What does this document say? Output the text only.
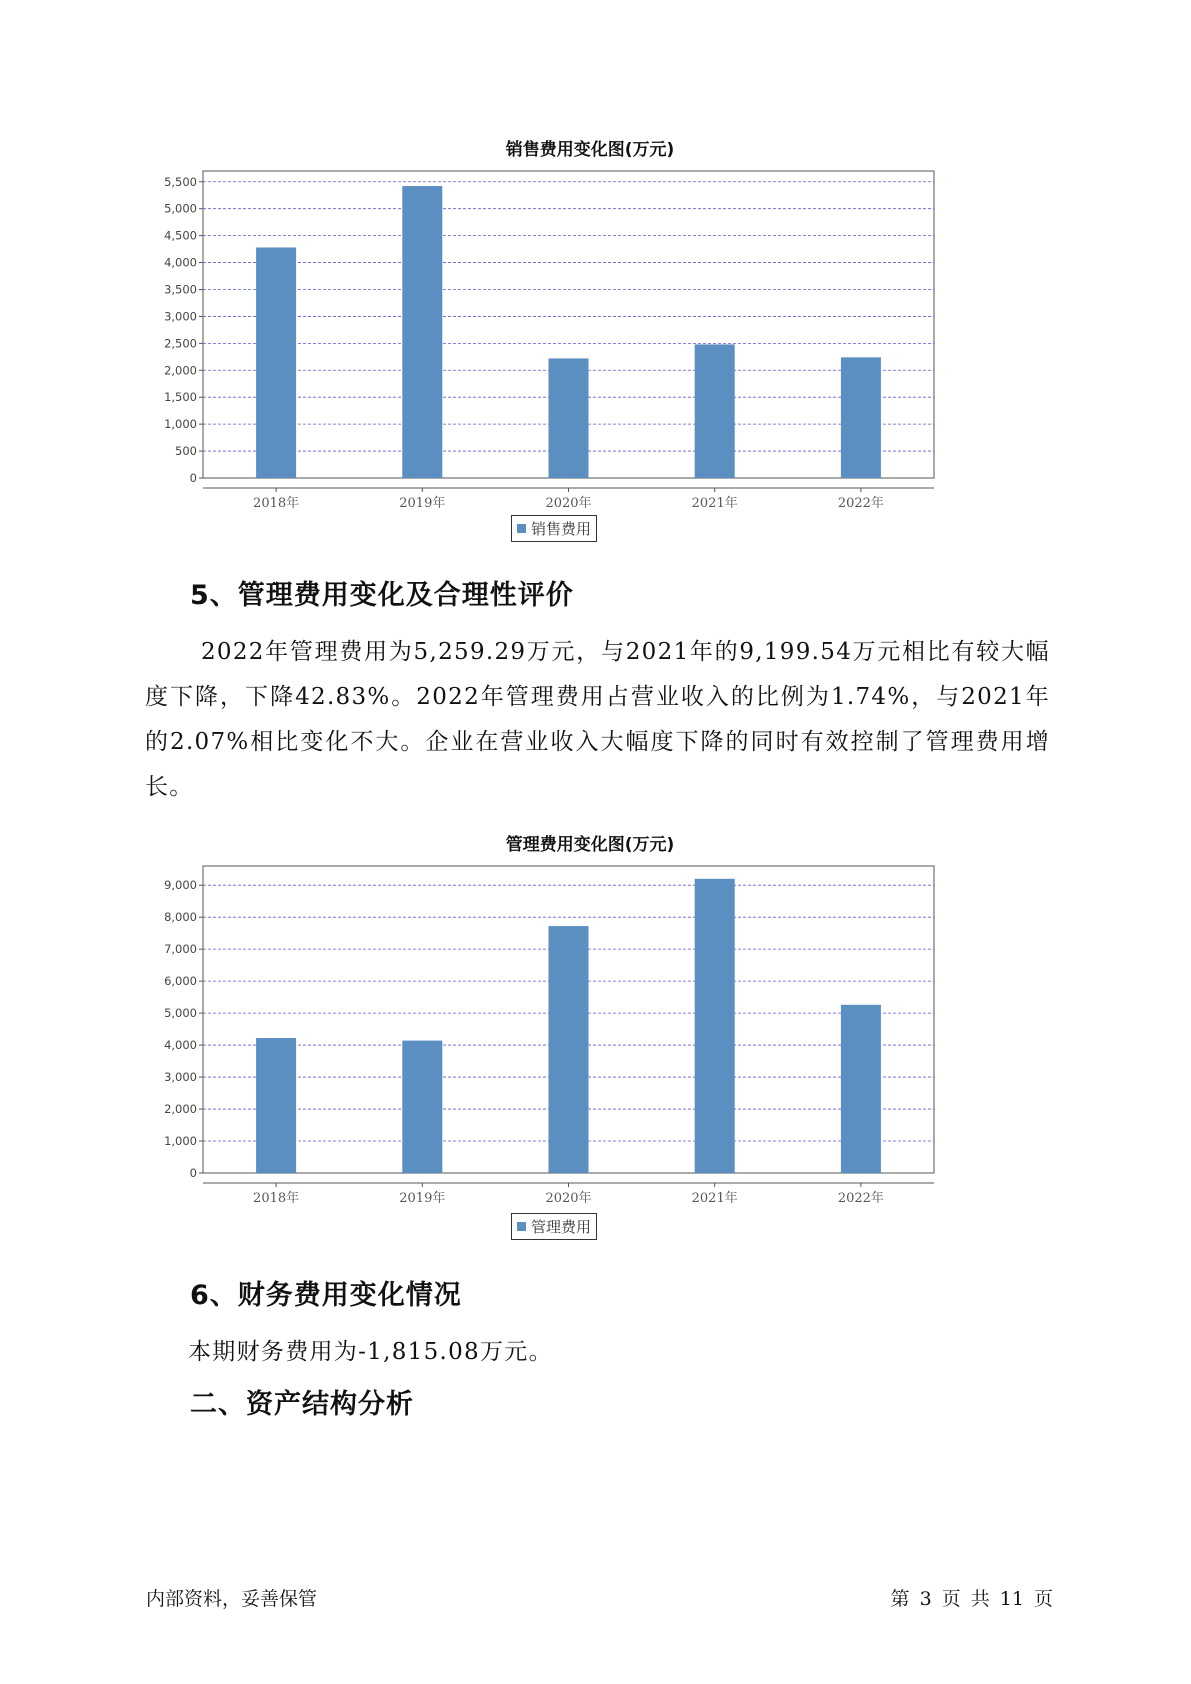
销售费用变化图(万元)
0
500
1,000
1,500
2,000
2,500
3,000
3,500
4,000
4,500
5,000
5,500
2018年	2019年	2020年	2021年	2022年
销售费用
5、管理费用变化及合理性评价
2022年管理费用为5,259.29万元，与2021年的9,199.54万元相比有较大幅度下降，下降42.83%。2022年管理费用占营业收入的比例为1.74%，与2021年的2.07%相比变化不大。企业在营业收入大幅度下降的同时有效控制了管理费用增长。
管理费用变化图(万元)
0
1,000
2,000
3,000
4,000
5,000
6,000
7,000
8,000
9,000
2018年	2019年	2020年	2021年	2022年
管理费用
6、财务费用变化情况
本期财务费用为-1,815.08万元。
二、资产结构分析
内部资料，妥善保管	第 3 页 共 11 页
